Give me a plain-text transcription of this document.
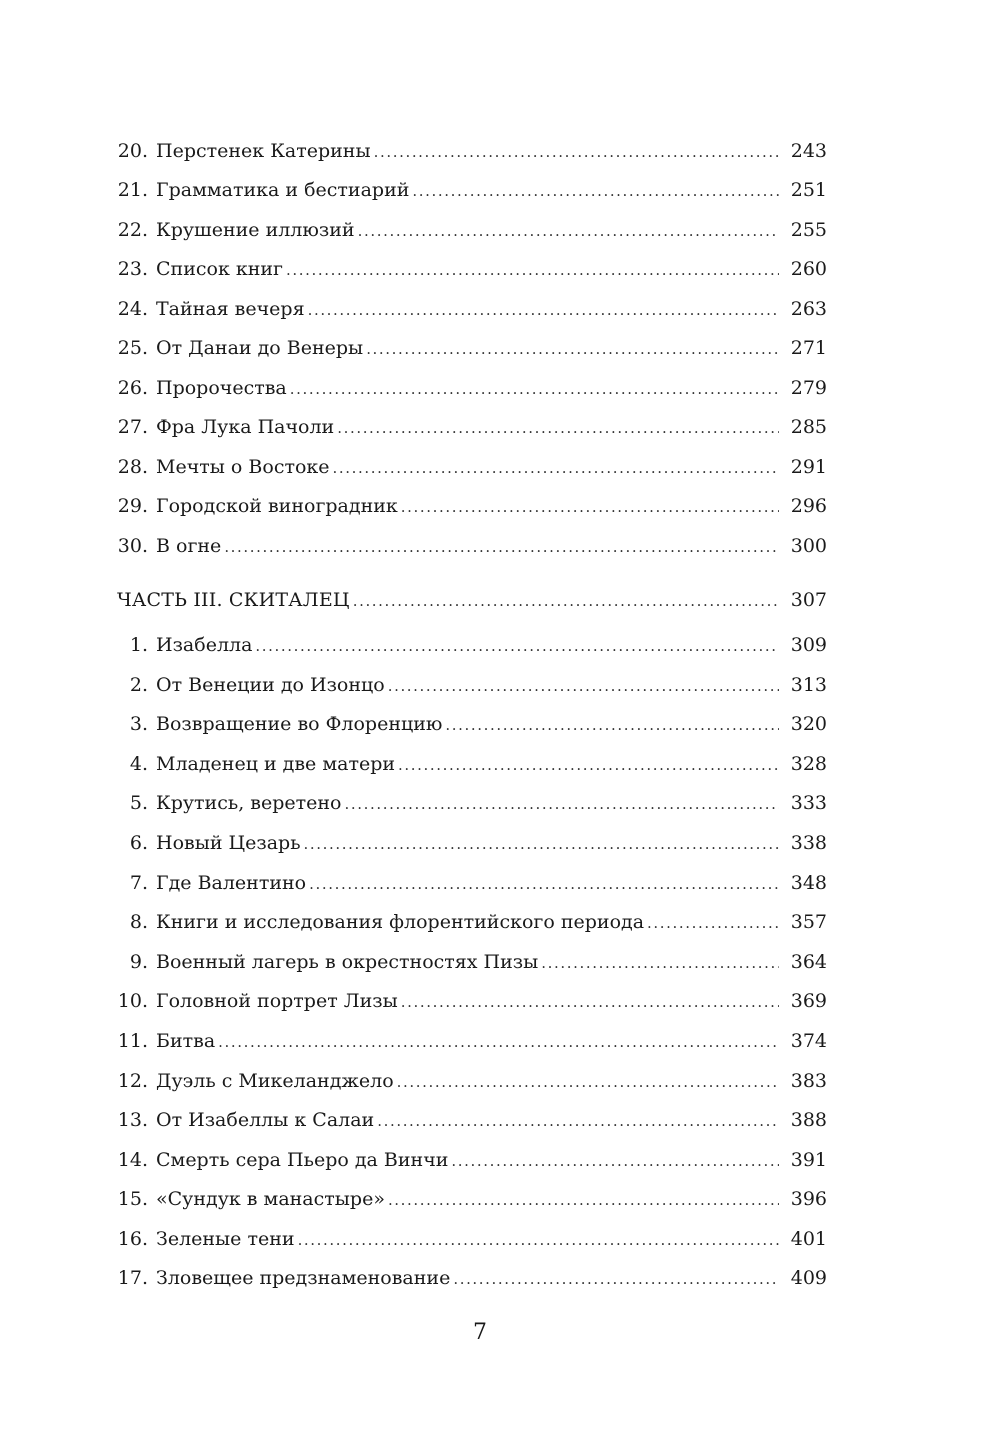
20. Перстенек Катерины .....	243
21. Грамматика и бестиарий .....	251
22. Крушение иллюзий .....	255
23. Список книг .....	260
24. Тайная вечеря .....	263
25. От Данаи до Венеры .....	271
26. Пророчества .....	279
27. Фра Лука Пачоли .....	285
28. Мечты о Востоке .....	291
29. Городской виноградник .....	296
30. В огне .....	300
ЧАСТЬ III. СКИТАЛЕЦ .....	307
1. Изабелла .....	309
2. От Венеции до Изонцо .....	313
3. Возвращение во Флоренцию .....	320
4. Младенец и две матери .....	328
5. Крутись, веретено .....	333
6. Новый Цезарь .....	338
7. Где Валентино .....	348
8. Книги и исследования флорентийского периода .....	357
9. Военный лагерь в окрестностях Пизы .....	364
10. Головной портрет Лизы .....	369
11. Битва .....	374
12. Дуэль с Микеланджело .....	383
13. От Изабеллы к Салаи .....	388
14. Смерть сера Пьеро да Винчи .....	391
15. «Сундук в манастыре» .....	396
16. Зеленые тени .....	401
17. Зловещее предзнаменование .....	409
7
